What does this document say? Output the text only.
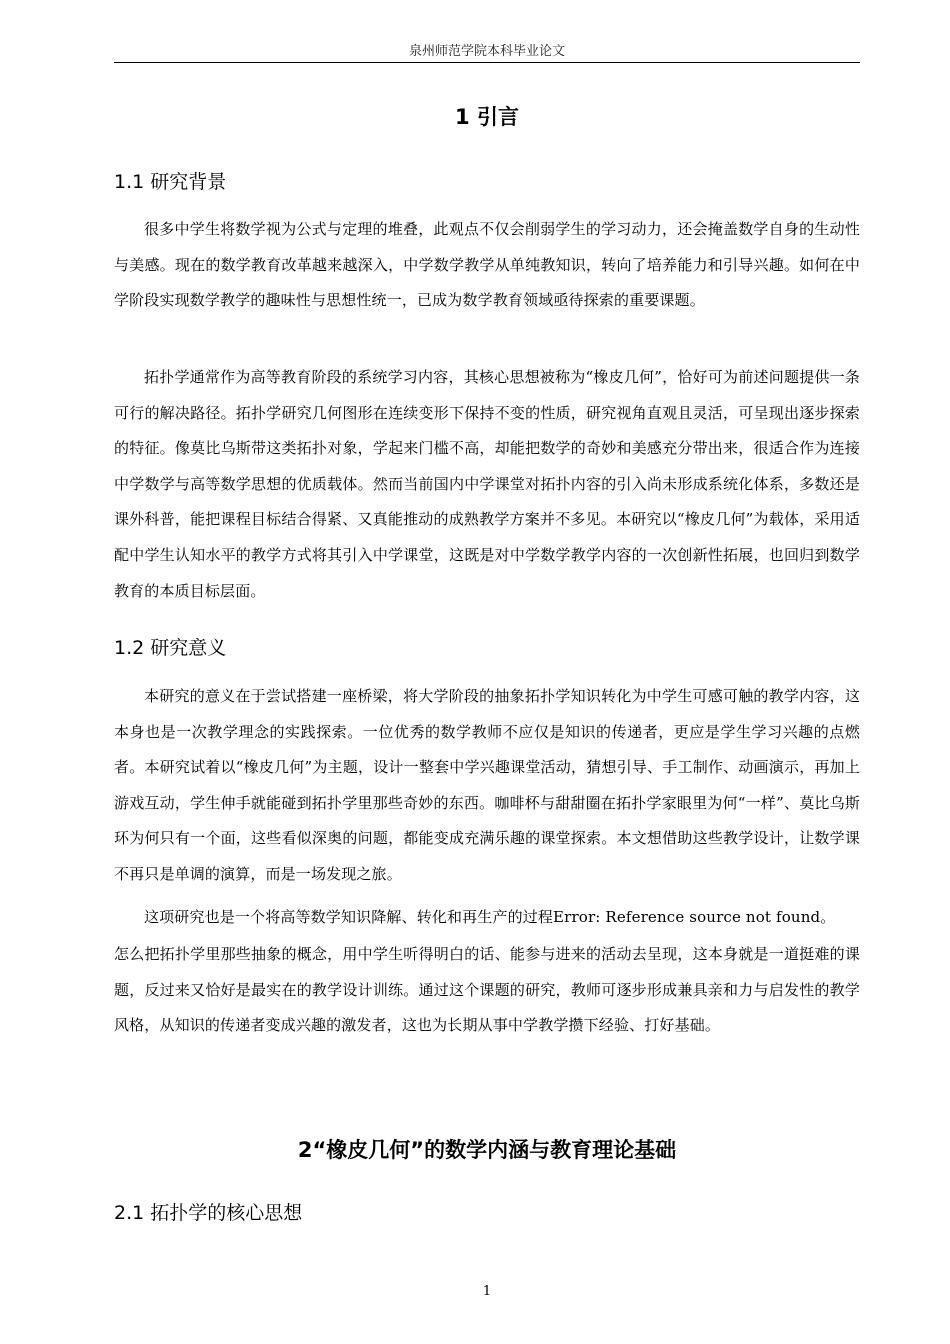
泉州师范学院本科毕业论文
1 引言
1.1 研究背景

很多中学生将数学视为公式与定理的堆叠，此观点不仅会削弱学生的学习动力，还会掩盖数学自身的生动性与美感。现在的数学教育改革越来越深入，中学数学教学从单纯教知识，转向了培养能力和引导兴趣。如何在中学阶段实现数学教学的趣味性与思想性统一，已成为数学教育领域亟待探索的重要课题。

拓扑学通常作为高等教育阶段的系统学习内容，其核心思想被称为“橡皮几何”，恰好可为前述问题提供一条可行的解决路径。拓扑学研究几何图形在连续变形下保持不变的性质，研究视角直观且灵活，可呈现出逐步探索的特征。像莫比乌斯带这类拓扑对象，学起来门槛不高，却能把数学的奇妙和美感充分带出来，很适合作为连接中学数学与高等数学思想的优质载体。然而当前国内中学课堂对拓扑内容的引入尚未形成系统化体系，多数还是课外科普，能把课程目标结合得紧、又真能推动的成熟教学方案并不多见。本研究以“橡皮几何”为载体，采用适配中学生认知水平的教学方式将其引入中学课堂，这既是对中学数学教学内容的一次创新性拓展，也回归到数学教育的本质目标层面。

1.2 研究意义

本研究的意义在于尝试搭建一座桥梁，将大学阶段的抽象拓扑学知识转化为中学生可感可触的教学内容，这本身也是一次教学理念的实践探索。一位优秀的数学教师不应仅是知识的传递者，更应是学生学习兴趣的点燃者。本研究试着以“橡皮几何”为主题，设计一整套中学兴趣课堂活动，猜想引导、手工制作、动画演示，再加上游戏互动，学生伸手就能碰到拓扑学里那些奇妙的东西。咖啡杯与甜甜圈在拓扑学家眼里为何“一样”、莫比乌斯环为何只有一个面，这些看似深奥的问题，都能变成充满乐趣的课堂探索。本文想借助这些教学设计，让数学课不再只是单调的演算，而是一场发现之旅。

这项研究也是一个将高等数学知识降解、转化和再生产的过程Error: Reference source not found。

怎么把拓扑学里那些抽象的概念，用中学生听得明白的话、能参与进来的活动去呈现，这本身就是一道挺难的课题，反过来又恰好是最实在的教学设计训练。通过这个课题的研究，教师可逐步形成兼具亲和力与启发性的教学风格，从知识的传递者变成兴趣的激发者，这也为长期从事中学教学攒下经验、打好基础。

2“橡皮几何”的数学内涵与教育理论基础
2.1 拓扑学的核心思想
1
